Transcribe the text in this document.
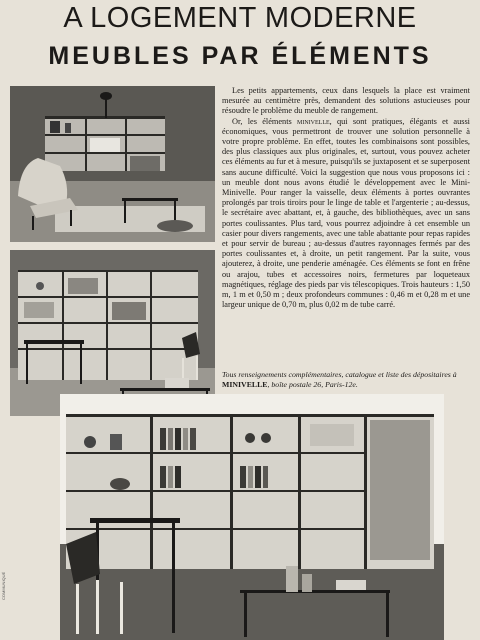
A LOGEMENT MODERNE
MEUBLES PAR ÉLÉMENTS

Les petits appartements, ceux dans lesquels la place est vraiment mesurée au centimètre près, demandent des solutions astucieuses pour résoudre le problème du meuble de rangement.

Or, les éléments minivelle, qui sont pratiques, élégants et aussi économiques, vous permettront de trouver une solution personnelle à votre propre problème. En effet, toutes les combinaisons sont possibles, des plus classiques aux plus originales, et, surtout, vous pouvez acheter ces éléments au fur et à mesure, puisqu'ils se juxtaposent et se superposent sans aucune difficulté. Voici la suggestion que nous vous proposons ici : un meuble dont nous avons étudié le développement avec le Mini-Minivelle. Pour ranger la vaisselle, deux éléments à portes ouvrantes prolongés par trois tiroirs pour le linge de table et l'argenterie ; au-dessus, le secrétaire avec abattant, et, à gauche, des bibliothèques, avec un sans portes coulissantes. Plus tard, vous pourrez adjoindre à cet ensemble un casier pour divers rangements, avec une table abattante pour repas rapides et pour servir de bureau ; au-dessus d'autres rayonnages fermés par des portes coulissantes et, à droite, un petit rangement. Par la suite, vous ajouterez, à droite, une penderie aménagée. Ces éléments se font en frêne ou arajou, tubes et accessoires noirs, fermetures par loqueteaux magnétiques, réglage des pieds par vis télescopiques. Trois hauteurs : 1,50 m, 1 m et 0,50 m ; deux profondeurs communes : 0,46 m et 0,28 m et une largeur unique de 0,70 m, plus 0,02 m de tube carré.

Tous renseignements complémentaires, catalogue et liste des dépositaires à MINIVELLE, boîte postale 26, Paris-12e.
COMMUNIQUÉ
